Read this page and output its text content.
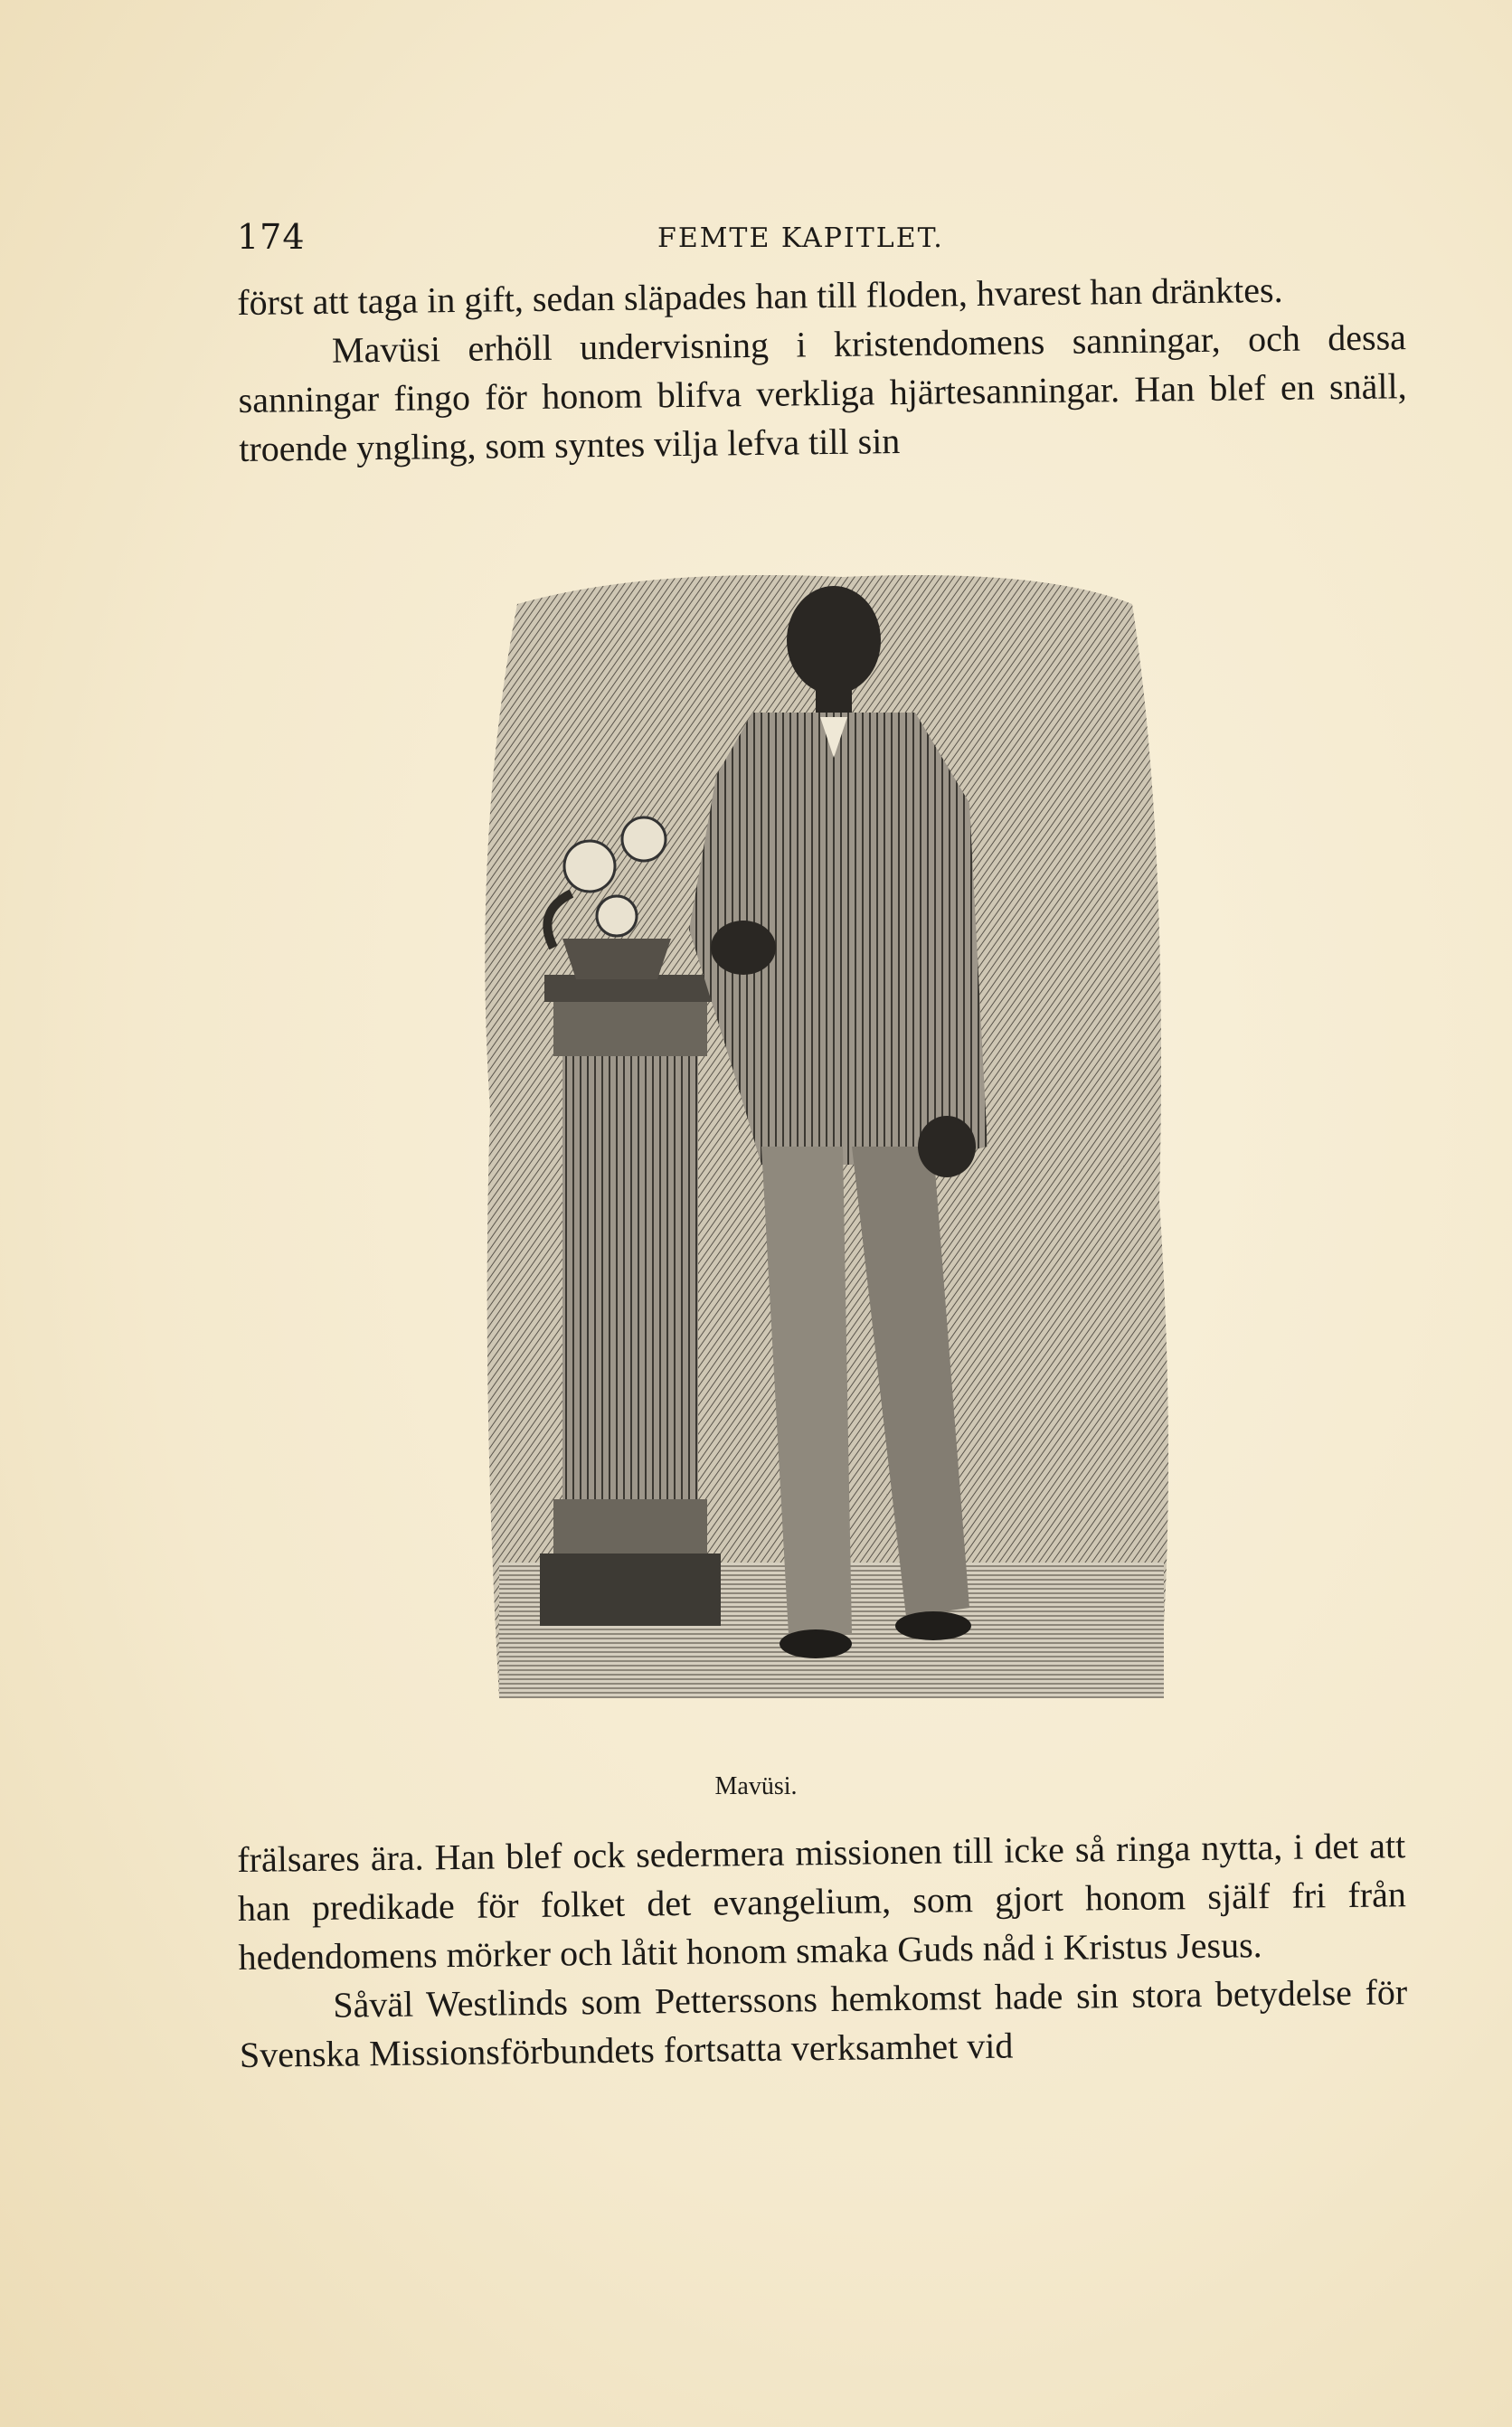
174	FEMTE KAPITLET.

först att taga in gift, sedan släpades han till floden, hvarest han dränktes.

Mavüsi erhöll undervisning i kristendomens sanningar, och dessa sanningar fingo för honom blifva verkliga hjärtesanningar. Han blef en snäll, troende yngling, som syntes vilja lefva till sin

Mavüsi.

frälsares ära. Han blef ock sedermera missionen till icke så ringa nytta, i det att han predikade för folket det evangelium, som gjort honom själf fri från hedendomens mörker och låtit honom smaka Guds nåd i Kristus Jesus.

Såväl Westlinds som Petterssons hemkomst hade sin stora betydelse för Svenska Missionsförbundets fortsatta verksamhet vid
